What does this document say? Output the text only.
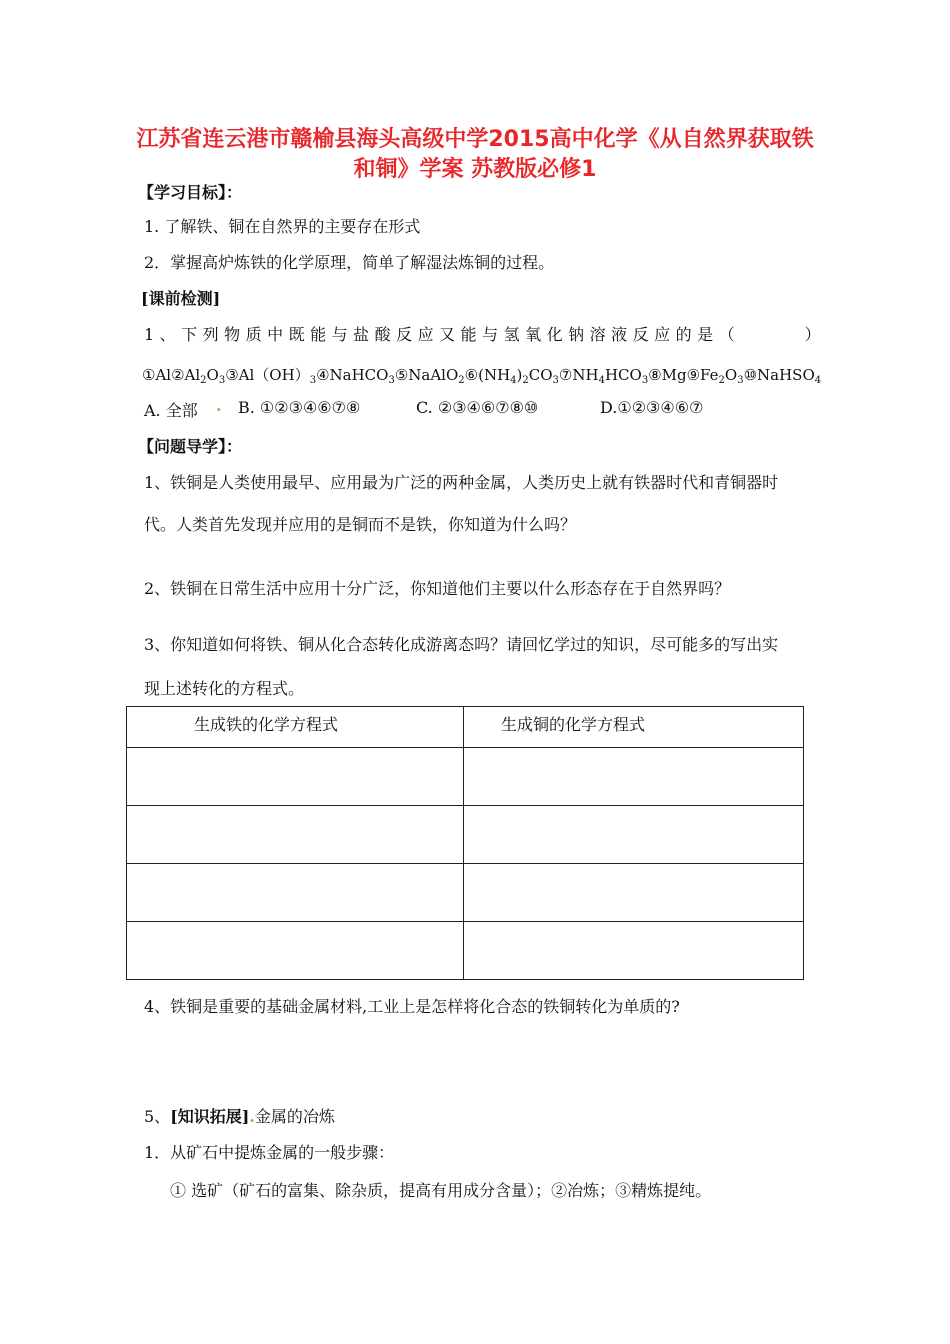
江苏省连云港市赣榆县海头高级中学2015高中化学《从自然界获取铁
和铜》学案 苏教版必修1
【学习目标】：
1. 了解铁、铜在自然界的主要存在形式
2．掌握高炉炼铁的化学原理，简单了解湿法炼铜的过程。
[课前检测]
1、下列物质中既能与盐酸反应又能与氢氧化钠溶液反应的是（　　　）
$①Al②Al_2O_3③Al(OH)_3④NaHCO_3⑤NaAlO_2⑥(NH_4)_2CO_3⑦NH_4HCO_3⑧Mg⑨Fe_2O_3⑩NaHSO_4$
A. 全部 . B. ①②③④⑥⑦⑧	C. ②③④⑥⑦⑧⑩	D.①②③④⑥⑦
【问题导学】：
1、铁铜是人类使用最早、应用最为广泛的两种金属，人类历史上就有铁器时代和青铜器时
代。人类首先发现并应用的是铜而不是铁，你知道为什么吗？
2、铁铜在日常生活中应用十分广泛，你知道他们主要以什么形态存在于自然界吗？
3、你知道如何将铁、铜从化合态转化成游离态吗？请回忆学过的知识，尽可能多的写出实
现上述转化的方程式。
生成铁的化学方程式	生成铜的化学方程式

4、铁铜是重要的基础金属材料,工业上是怎样将化合态的铁铜转化为单质的?
5、[知识拓展].金属的冶炼
1．从矿石中提炼金属的一般步骤：
① 选矿（矿石的富集、除杂质，提高有用成分含量）；②冶炼；③精炼提纯。
